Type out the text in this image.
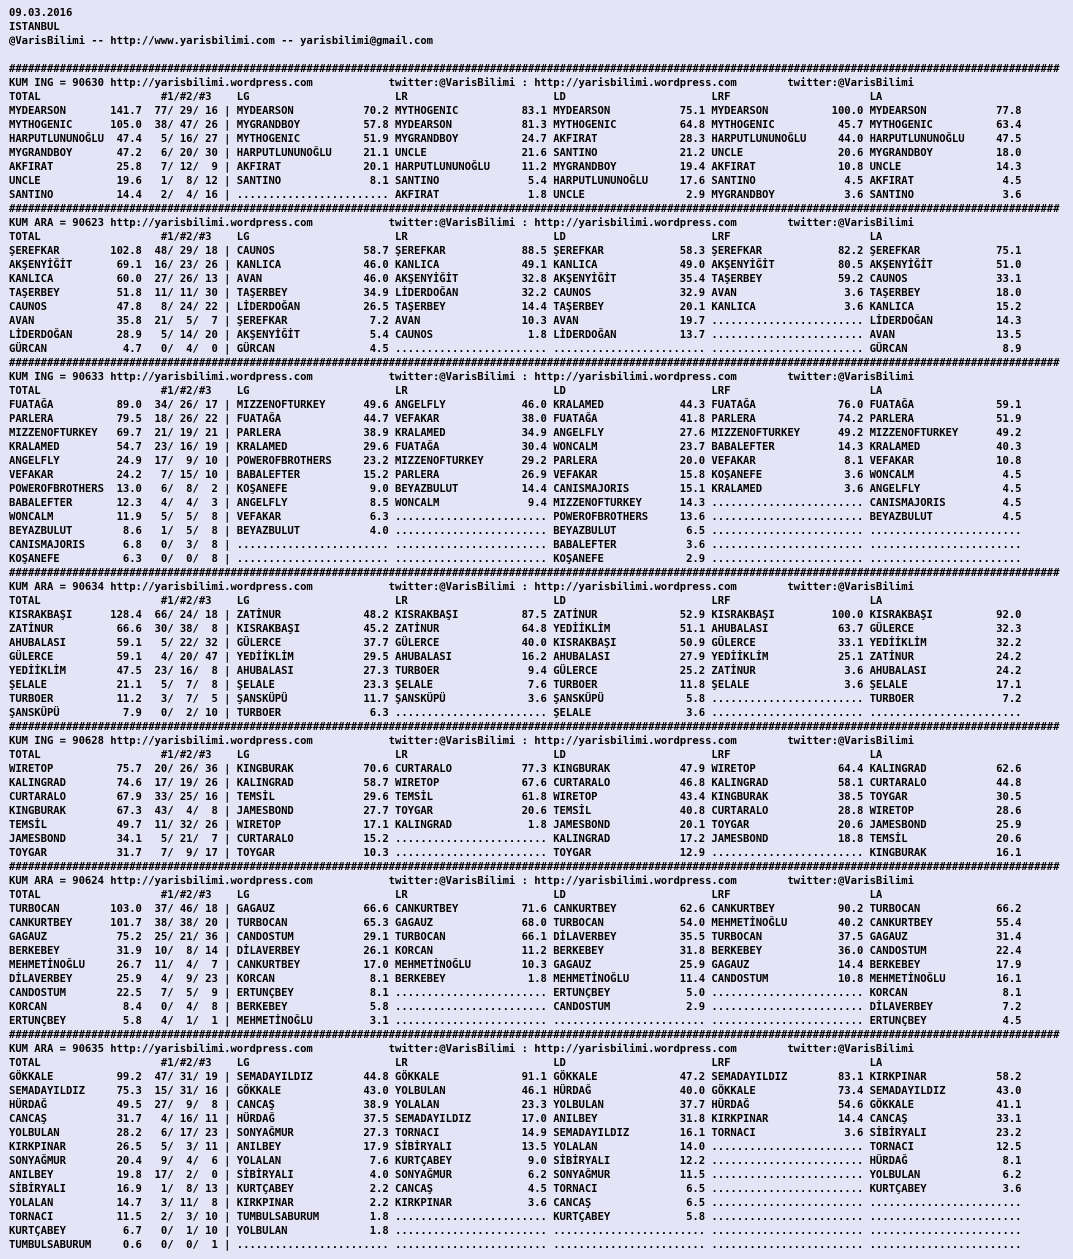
09.03.2016
ISTANBUL
@VarisBilimi -- http://www.yarisbilimi.com -- yarisbilimi@gmail.com
######################################################################################################################################################################
KUM ING = 90630 http://yarisbilimi.wordpress.com            twitter:@VarisBilimi : http://yarisbilimi.wordpress.com        twitter:@VarisBilimi
TOTAL                   #1/#2/#3    LG                       LR                       LD                       LRF                      LA
MYDEARSON       141.7  77/ 29/ 16 | MYDEARSON           70.2 MYTHOGENIC          83.1 MYDEARSON           75.1 MYDEARSON          100.0 MYDEARSON           77.8
MYTHOGENIC      105.0  38/ 47/ 26 | MYGRANDBOY          57.8 MYDEARSON           81.3 MYTHOGENIC          64.8 MYTHOGENIC          45.7 MYTHOGENIC          63.4
HARPUTLUNUNOĞLU  47.4   5/ 16/ 27 | MYTHOGENIC          51.9 MYGRANDBOY          24.7 AKFIRAT             28.3 HARPUTLUNUNOĞLU     44.0 HARPUTLUNUNOĞLU     47.5
MYGRANDBOY       47.2   6/ 20/ 30 | HARPUTLUNUNOĞLU     21.1 UNCLE               21.6 SANTINO             21.2 UNCLE               20.6 MYGRANDBOY          18.0
AKFIRAT          25.8   7/ 12/  9 | AKFIRAT             20.1 HARPUTLUNUNOĞLU     11.2 MYGRANDBOY          19.4 AKFIRAT             10.8 UNCLE               14.3
UNCLE            19.6   1/  8/ 12 | SANTINO              8.1 SANTINO              5.4 HARPUTLUNUNOĞLU     17.6 SANTINO              4.5 AKFIRAT              4.5
SANTINO          14.4   2/  4/ 16 | ........................ AKFIRAT              1.8 UNCLE                2.9 MYGRANDBOY           3.6 SANTINO              3.6
######################################################################################################################################################################
KUM ARA = 90623 http://yarisbilimi.wordpress.com            twitter:@VarisBilimi : http://yarisbilimi.wordpress.com        twitter:@VarisBilimi
TOTAL                   #1/#2/#3    LG                       LR                       LD                       LRF                      LA
ŞEREFKAR        102.8  48/ 29/ 18 | CAUNOS              58.7 ŞEREFKAR            88.5 ŞEREFKAR            58.3 ŞEREFKAR            82.2 ŞEREFKAR            75.1
AKŞENYİĞİT       69.1  16/ 23/ 26 | KANLICA             46.0 KANLICA             49.1 KANLICA             49.0 AKŞENYİĞİT          80.5 AKŞENYİĞİT          51.0
KANLICA          60.0  27/ 26/ 13 | AVAN                46.0 AKŞENYİĞİT          32.8 AKŞENYİĞİT          35.4 TAŞERBEY            59.2 CAUNOS              33.1
TAŞERBEY         51.8  11/ 11/ 30 | TAŞERBEY            34.9 LİDERDOĞAN          32.2 CAUNOS              32.9 AVAN                 3.6 TAŞERBEY            18.0
CAUNOS           47.8   8/ 24/ 22 | LİDERDOĞAN          26.5 TAŞERBEY            14.4 TAŞERBEY            20.1 KANLICA              3.6 KANLICA             15.2
AVAN             35.8  21/  5/  7 | ŞEREFKAR             7.2 AVAN                10.3 AVAN                19.7 ........................ LİDERDOĞAN          14.3
LİDERDOĞAN       28.9   5/ 14/ 20 | AKŞENYİĞİT           5.4 CAUNOS               1.8 LİDERDOĞAN          13.7 ........................ AVAN                13.5
GÜRCAN            4.7   0/  4/  0 | GÜRCAN               4.5 ........................ ........................ ........................ GÜRCAN               8.9
######################################################################################################################################################################
KUM ING = 90633 http://yarisbilimi.wordpress.com            twitter:@VarisBilimi : http://yarisbilimi.wordpress.com        twitter:@VarisBilimi
TOTAL                   #1/#2/#3    LG                       LR                       LD                       LRF                      LA
FUATAĞA          89.0  34/ 26/ 17 | MIZZENOFTURKEY      49.6 ANGELFLY            46.0 KRALAMED            44.3 FUATAĞA             76.0 FUATAĞA             59.1
PARLERA          79.5  18/ 26/ 22 | FUATAĞA             44.7 VEFAKAR             38.0 FUATAĞA             41.8 PARLERA             74.2 PARLERA             51.9
MIZZENOFTURKEY   69.7  21/ 19/ 21 | PARLERA             38.9 KRALAMED            34.9 ANGELFLY            27.6 MIZZENOFTURKEY      49.2 MIZZENOFTURKEY      49.2
KRALAMED         54.7  23/ 16/ 19 | KRALAMED            29.6 FUATAĞA             30.4 WONCALM             23.7 BABALEFTER          14.3 KRALAMED            40.3
ANGELFLY         24.9  17/  9/ 10 | POWEROFBROTHERS     23.2 MIZZENOFTURKEY      29.2 PARLERA             20.0 VEFAKAR              8.1 VEFAKAR             10.8
VEFAKAR          24.2   7/ 15/ 10 | BABALEFTER          15.2 PARLERA             26.9 VEFAKAR             15.8 KOŞANEFE             3.6 WONCALM              4.5
POWEROFBROTHERS  13.0   6/  8/  2 | KOŞANEFE             9.0 BEYAZBULUT          14.4 CANISMAJORIS        15.1 KRALAMED             3.6 ANGELFLY             4.5
BABALEFTER       12.3   4/  4/  3 | ANGELFLY             8.5 WONCALM              9.4 MIZZENOFTURKEY      14.3 ........................ CANISMAJORIS         4.5
WONCALM          11.9   5/  5/  8 | VEFAKAR              6.3 ........................ POWEROFBROTHERS     13.6 ........................ BEYAZBULUT           4.5
BEYAZBULUT        8.6   1/  5/  8 | BEYAZBULUT           4.0 ........................ BEYAZBULUT           6.5 ........................ ........................
CANISMAJORIS      6.8   0/  3/  8 | ........................ ........................ BABALEFTER           3.6 ........................ ........................
KOŞANEFE          6.3   0/  0/  8 | ........................ ........................ KOŞANEFE             2.9 ........................ ........................
######################################################################################################################################################################
KUM ARA = 90634 http://yarisbilimi.wordpress.com            twitter:@VarisBilimi : http://yarisbilimi.wordpress.com        twitter:@VarisBilimi
TOTAL                   #1/#2/#3    LG                       LR                       LD                       LRF                      LA
KISRAKBAŞI      128.4  66/ 24/ 18 | ZATİNUR             48.2 KISRAKBAŞI          87.5 ZATİNUR             52.9 KISRAKBAŞI         100.0 KISRAKBAŞI          92.0
ZATİNUR          66.6  30/ 38/  8 | KISRAKBAŞI          45.2 ZATİNUR             64.8 YEDİİKLİM           51.1 AHUBALASI           63.7 GÜLERCE             32.3
AHUBALASI        59.1   5/ 22/ 32 | GÜLERCE             37.7 GÜLERCE             40.0 KISRAKBAŞI          50.9 GÜLERCE             33.1 YEDİİKLİM           32.2
GÜLERCE          59.1   4/ 20/ 47 | YEDİİKLİM           29.5 AHUBALASI           16.2 AHUBALASI           27.9 YEDİİKLİM           25.1 ZATİNUR             24.2
YEDİİKLİM        47.5  23/ 16/  8 | AHUBALASI           27.3 TURBOER              9.4 GÜLERCE             25.2 ZATİNUR              3.6 AHUBALASI           24.2
ŞELALE           21.1   5/  7/  8 | ŞELALE              23.3 ŞELALE               7.6 TURBOER             11.8 ŞELALE               3.6 ŞELALE              17.1
TURBOER          11.2   3/  7/  5 | ŞANSKÜPÜ            11.7 ŞANSKÜPÜ             3.6 ŞANSKÜPÜ             5.8 ........................ TURBOER              7.2
ŞANSKÜPÜ          7.9   0/  2/ 10 | TURBOER              6.3 ........................ ŞELALE               3.6 ........................ ........................
######################################################################################################################################################################
KUM ING = 90628 http://yarisbilimi.wordpress.com            twitter:@VarisBilimi : http://yarisbilimi.wordpress.com        twitter:@VarisBilimi
TOTAL                   #1/#2/#3    LG                       LR                       LD                       LRF                      LA
WIRETOP          75.7  20/ 26/ 36 | KINGBURAK           70.6 CURTARALO           77.3 KINGBURAK           47.9 WIRETOP             64.4 KALINGRAD           62.6
KALINGRAD        74.6  17/ 19/ 26 | KALINGRAD           58.7 WIRETOP             67.6 CURTARALO           46.8 KALINGRAD           58.1 CURTARALO           44.8
CURTARALO        67.9  33/ 25/ 16 | TEMSİL              29.6 TEMSİL              61.8 WIRETOP             43.4 KINGBURAK           38.5 TOYGAR              30.5
KINGBURAK        67.3  43/  4/  8 | JAMESBOND           27.7 TOYGAR              20.6 TEMSİL              40.8 CURTARALO           28.8 WIRETOP             28.6
TEMSİL           49.7  11/ 32/ 26 | WIRETOP             17.1 KALINGRAD            1.8 JAMESBOND           20.1 TOYGAR              20.6 JAMESBOND           25.9
JAMESBOND        34.1   5/ 21/  7 | CURTARALO           15.2 ........................ KALINGRAD           17.2 JAMESBOND           18.8 TEMSİL              20.6
TOYGAR           31.7   7/  9/ 17 | TOYGAR              10.3 ........................ TOYGAR              12.9 ........................ KINGBURAK           16.1
######################################################################################################################################################################
KUM ARA = 90624 http://yarisbilimi.wordpress.com            twitter:@VarisBilimi : http://yarisbilimi.wordpress.com        twitter:@VarisBilimi
TOTAL                   #1/#2/#3    LG                       LR                       LD                       LRF                      LA
TURBOCAN        103.0  37/ 46/ 18 | GAGAUZ              66.6 CANKURTBEY          71.6 CANKURTBEY          62.6 CANKURTBEY          90.2 TURBOCAN            66.2
CANKURTBEY      101.7  38/ 38/ 20 | TURBOCAN            65.3 GAGAUZ              68.0 TURBOCAN            54.0 MEHMETİNOĞLU        40.2 CANKURTBEY          55.4
GAGAUZ           75.2  25/ 21/ 36 | CANDOSTUM           29.1 TURBOCAN            66.1 DİLAVERBEY          35.5 TURBOCAN            37.5 GAGAUZ              31.4
BERKEBEY         31.9  10/  8/ 14 | DİLAVERBEY          26.1 KORCAN              11.2 BERKEBEY            31.8 BERKEBEY            36.0 CANDOSTUM           22.4
MEHMETİNOĞLU     26.7  11/  4/  7 | CANKURTBEY          17.0 MEHMETİNOĞLU        10.3 GAGAUZ              25.9 GAGAUZ              14.4 BERKEBEY            17.9
DİLAVERBEY       25.9   4/  9/ 23 | KORCAN               8.1 BERKEBEY             1.8 MEHMETİNOĞLU        11.4 CANDOSTUM           10.8 MEHMETİNOĞLU        16.1
CANDOSTUM        22.5   7/  5/  9 | ERTUNÇBEY            8.1 ........................ ERTUNÇBEY            5.0 ........................ KORCAN               8.1
KORCAN            8.4   0/  4/  8 | BERKEBEY             5.8 ........................ CANDOSTUM            2.9 ........................ DİLAVERBEY           7.2
ERTUNÇBEY         5.8   4/  1/  1 | MEHMETİNOĞLU         3.1 ........................ ........................ ........................ ERTUNÇBEY            4.5
######################################################################################################################################################################
KUM ARA = 90635 http://yarisbilimi.wordpress.com            twitter:@VarisBilimi : http://yarisbilimi.wordpress.com        twitter:@VarisBilimi
TOTAL                   #1/#2/#3    LG                       LR                       LD                       LRF                      LA
GÖKKALE          99.2  47/ 31/ 19 | SEMADAYILDIZ        44.8 GÖKKALE             91.1 GÖKKALE             47.2 SEMADAYILDIZ        83.1 KIRKPINAR           58.2
SEMADAYILDIZ     75.3  15/ 31/ 16 | GÖKKALE             43.0 YOLBULAN            46.1 HÜRDAĞ              40.0 GÖKKALE             73.4 SEMADAYILDIZ        43.0
HÜRDAĞ           49.5  27/  9/  8 | CANCAŞ              38.9 YOLALAN             23.3 YOLBULAN            37.7 HÜRDAĞ              54.6 GÖKKALE             41.1
CANCAŞ           31.7   4/ 16/ 11 | HÜRDAĞ              37.5 SEMADAYILDIZ        17.0 ANILBEY             31.8 KIRKPINAR           14.4 CANCAŞ              33.1
YOLBULAN         28.2   6/ 17/ 23 | SONYAĞMUR           27.3 TORNACI             14.9 SEMADAYILDIZ        16.1 TORNACI              3.6 SİBİRYALI           23.2
KIRKPINAR        26.5   5/  3/ 11 | ANILBEY             17.9 SİBİRYALI           13.5 YOLALAN             14.0 ........................ TORNACI             12.5
SONYAĞMUR        20.4   9/  4/  6 | YOLALAN              7.6 KURTÇABEY            9.0 SİBİRYALI           12.2 ........................ HÜRDAĞ               8.1
ANILBEY          19.8  17/  2/  0 | SİBİRYALI            4.0 SONYAĞMUR            6.2 SONYAĞMUR           11.5 ........................ YOLBULAN             6.2
SİBİRYALI        16.9   1/  8/ 13 | KURTÇABEY            2.2 CANCAŞ               4.5 TORNACI              6.5 ........................ KURTÇABEY            3.6
YOLALAN          14.7   3/ 11/  8 | KIRKPINAR            2.2 KIRKPINAR            3.6 CANCAŞ               6.5 ........................ ........................
TORNACI          11.5   2/  3/ 10 | TUMBULSABURUM        1.8 ........................ KURTÇABEY            5.8 ........................ ........................
KURTÇABEY         6.7   0/  1/ 10 | YOLBULAN             1.8 ........................ ........................ ........................ ........................
TUMBULSABURUM     0.6   0/  0/  1 | ........................ ........................ ........................ ........................ ........................
